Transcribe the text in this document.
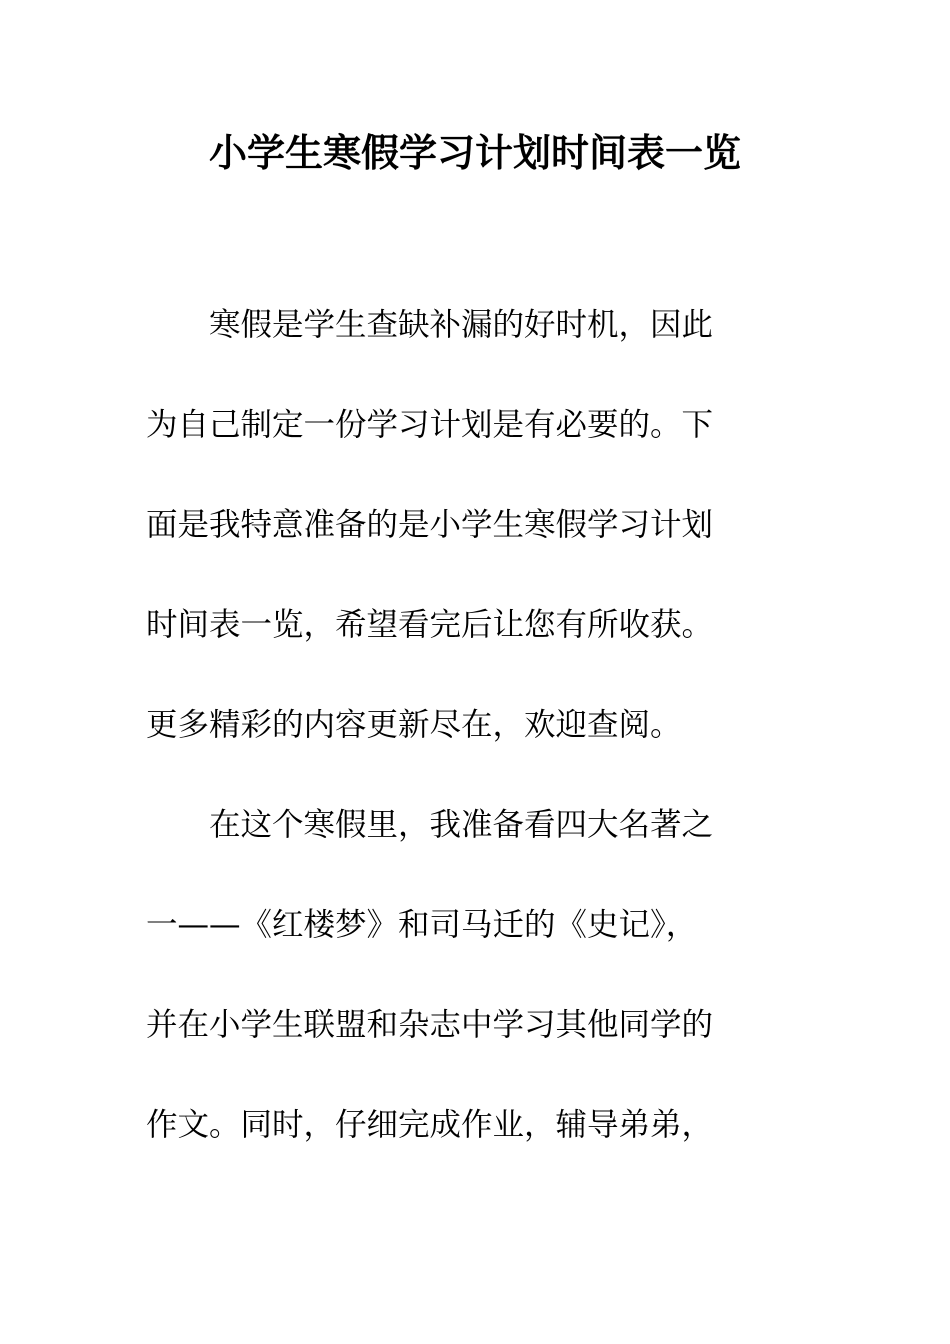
小学生寒假学习计划时间表一览
　　寒假是学生查缺补漏的好时机，因此
为自己制定一份学习计划是有必要的。下
面是我特意准备的是小学生寒假学习计划
时间表一览，希望看完后让您有所收获。
更多精彩的内容更新尽在，欢迎查阅。
　　在这个寒假里，我准备看四大名著之
一——《红楼梦》和司马迁的《史记》，
并在小学生联盟和杂志中学习其他同学的
作文。同时，仔细完成作业，辅导弟弟，
